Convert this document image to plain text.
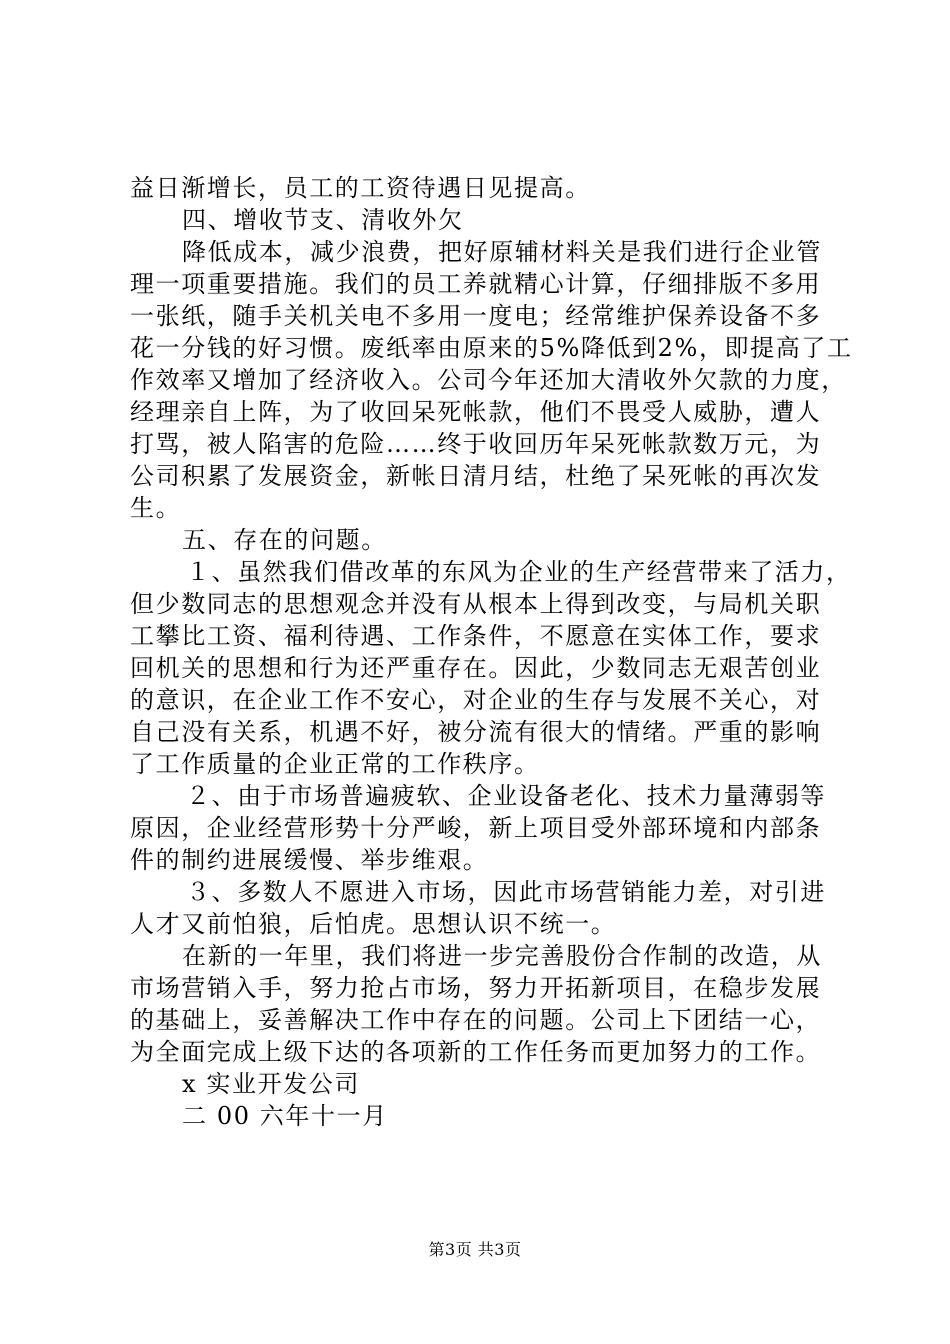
益日渐增长，员工的工资待遇日见提高。
四、增收节支、清收外欠
降低成本，减少浪费，把好原辅材料关是我们进行企业管
理一项重要措施。我们的员工养就精心计算，仔细排版不多用
一张纸，随手关机关电不多用一度电；经常维护保养设备不多
花一分钱的好习惯。废纸率由原来的5%降低到2%，即提高了工
作效率又增加了经济收入。公司今年还加大清收外欠款的力度，
经理亲自上阵，为了收回呆死帐款，他们不畏受人威胁，遭人
打骂，被人陷害的危险……终于收回历年呆死帐款数万元，为
公司积累了发展资金，新帐日清月结，杜绝了呆死帐的再次发
生。
五、存在的问题。
１、虽然我们借改革的东风为企业的生产经营带来了活力，
但少数同志的思想观念并没有从根本上得到改变，与局机关职
工攀比工资、福利待遇、工作条件，不愿意在实体工作，要求
回机关的思想和行为还严重存在。因此，少数同志无艰苦创业
的意识，在企业工作不安心，对企业的生存与发展不关心，对
自己没有关系，机遇不好，被分流有很大的情绪。严重的影响
了工作质量的企业正常的工作秩序。
２、由于市场普遍疲软、企业设备老化、技术力量薄弱等
原因，企业经营形势十分严峻，新上项目受外部环境和内部条
件的制约进展缓慢、举步维艰。
３、多数人不愿进入市场，因此市场营销能力差，对引进
人才又前怕狼，后怕虎。思想认识不统一。
在新的一年里，我们将进一步完善股份合作制的改造，从
市场营销入手，努力抢占市场，努力开拓新项目，在稳步发展
的基础上，妥善解决工作中存在的问题。公司上下团结一心，
为全面完成上级下达的各项新的工作任务而更加努力的工作。
x 实业开发公司
二 00 六年十一月
第3页 共3页
